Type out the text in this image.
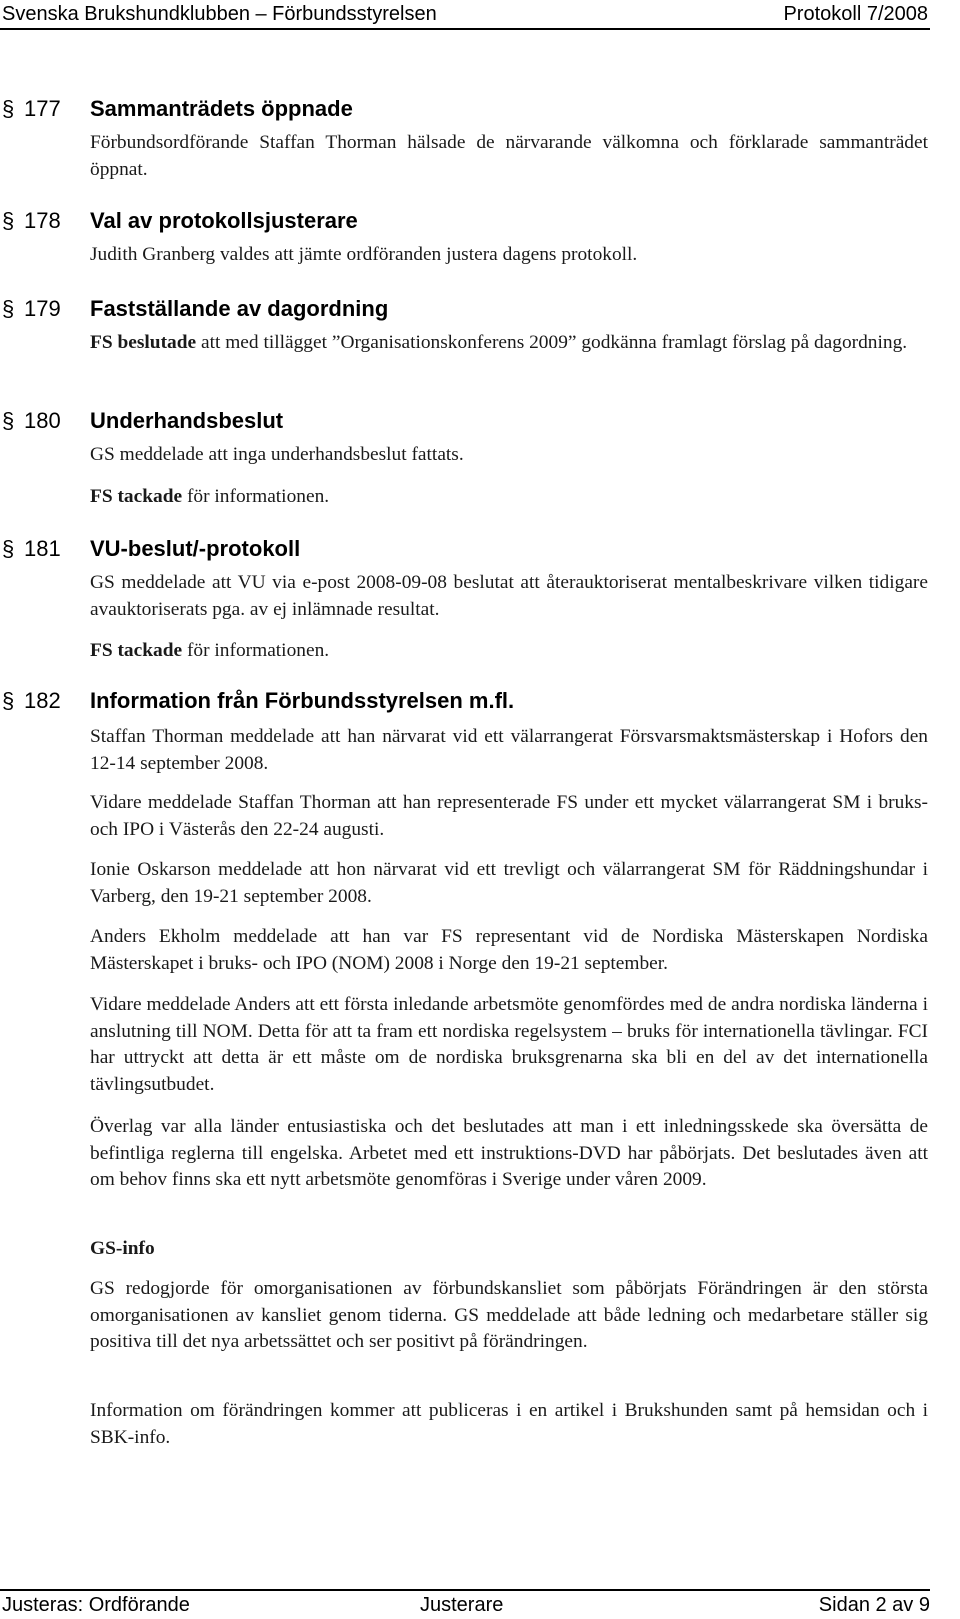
Svenska Brukshundklubben – Förbundsstyrelsen	Protokoll 7/2008
§ 177 Sammanträdets öppnade

Förbundsordförande Staffan Thorman hälsade de närvarande välkomna och förklarade sammanträdet öppnat.

§ 178 Val av protokollsjusterare

Judith Granberg valdes att jämte ordföranden justera dagens protokoll.

§ 179 Fastställande av dagordning

FS beslutade att med tillägget ”Organisationskonferens 2009” godkänna framlagt förslag på dagordning.

§ 180 Underhandsbeslut

GS meddelade att inga underhandsbeslut fattats.

FS tackade för informationen.

§ 181 VU-beslut/-protokoll

GS meddelade att VU via e-post 2008-09-08 beslutat att återauktoriserat mentalbeskrivare vilken tidigare avauktoriserats pga. av ej inlämnade resultat.

FS tackade för informationen.

§ 182 Information från Förbundsstyrelsen m.fl.

Staffan Thorman meddelade att han närvarat vid ett välarrangerat Försvarsmaktsmästerskap i Hofors den 12-14 september 2008.

Vidare meddelade Staffan Thorman att han representerade FS under ett mycket välarrangerat SM i bruks- och IPO i Västerås den 22-24 augusti.

Ionie Oskarson meddelade att hon närvarat vid ett trevligt och välarrangerat SM för Räddningshundar i Varberg, den 19-21 september 2008.

Anders Ekholm meddelade att han var FS representant vid de Nordiska Mästerskapen Nordiska Mästerskapet i bruks- och IPO (NOM) 2008 i Norge den 19-21 september.

Vidare meddelade Anders att ett första inledande arbetsmöte genomfördes med de andra nordiska länderna i anslutning till NOM. Detta för att ta fram ett nordiska regelsystem – bruks för internationella tävlingar. FCI har uttryckt att detta är ett måste om de nordiska bruksgrenarna ska bli en del av det internationella tävlingsutbudet.

Överlag var alla länder entusiastiska och det beslutades att man i ett inledningsskede ska översätta de befintliga reglerna till engelska. Arbetet med ett instruktions-DVD har påbörjats. Det beslutades även att om behov finns ska ett nytt arbetsmöte genomföras i Sverige under våren 2009.

GS-info

GS redogjorde för omorganisationen av förbundskansliet som påbörjats Förändringen är den största omorganisationen av kansliet genom tiderna. GS meddelade att både ledning och medarbetare ställer sig positiva till det nya arbetssättet och ser positivt på förändringen.

Information om förändringen kommer att publiceras i en artikel i Brukshunden samt på hemsidan och i SBK-info.

Justeras: Ordförande	Justerare	Sidan 2 av 9
